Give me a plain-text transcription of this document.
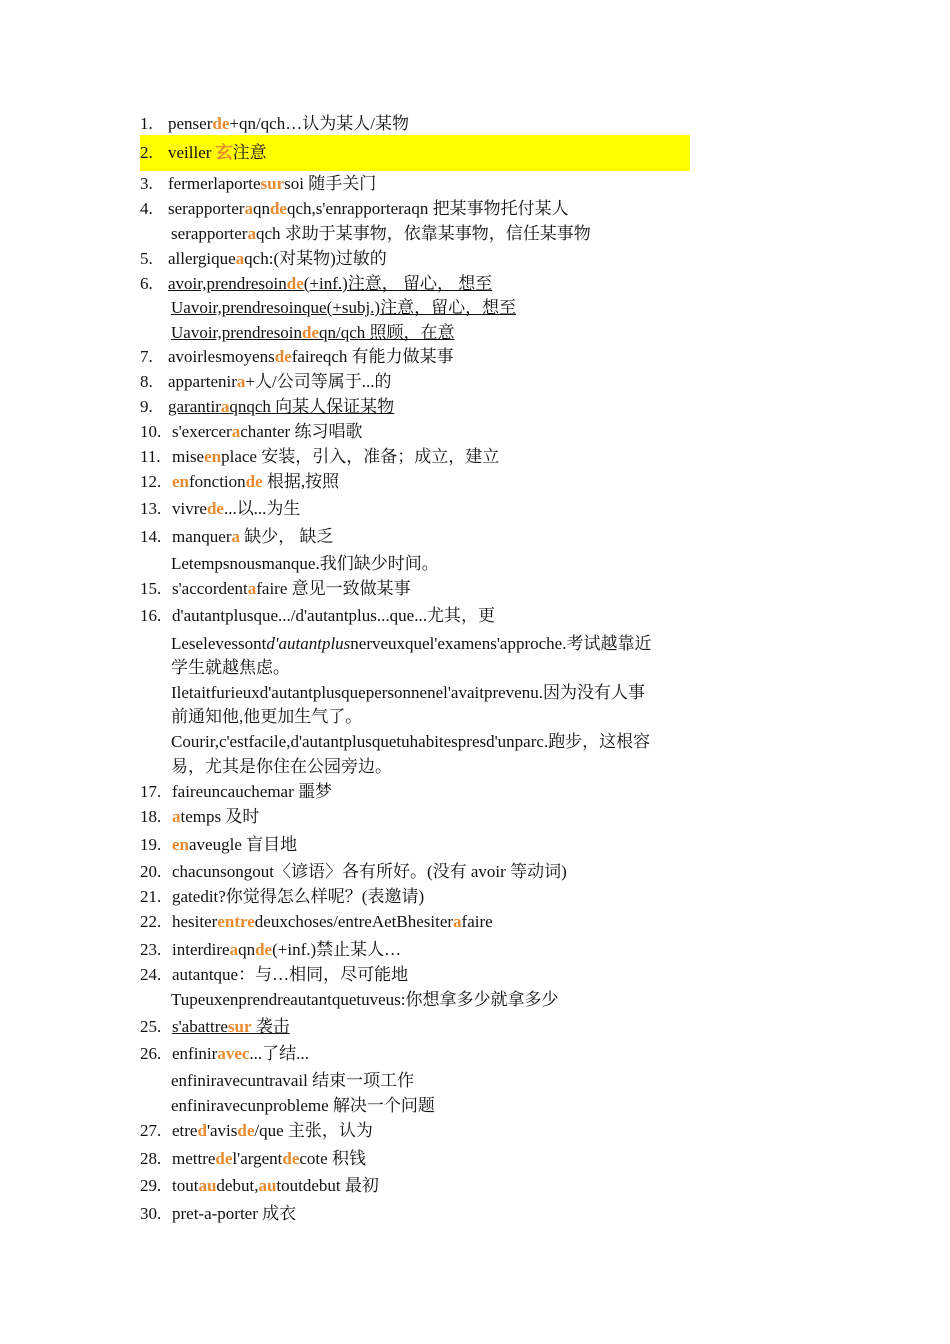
1. penserde+qn/qch…认为某人/某物
2. veiller 玄注意
3. fermerlaportesursoi 随手关门
4. serapporteraqndeqch,s'enrapporteraqn 把某事物托付某人
serapporteraqch 求助于某事物，依靠某事物，信任某事物
5. allergiqueaqch:(对某物)过敏的
6. avoir,prendresoinde(+inf.)注意， 留心， 想至
Uavoir,prendresoinque(+subj.)注意，留心，想至
Uavoir,prendresoindeqn/qch 照顾，在意
7. avoirlesmoyensdefaireqch 有能力做某事
8. appartenira+人/公司等属于...的
9. garantiraqnqch 向某人保证某物
10. s'exercerachanter 练习唱歌
11. miseenplace 安装，引入，准备；成立，建立
12. enfonctionde 根据,按照
13. vivrede...以...为生
14. manquera 缺少， 缺乏
Letempsnousmanque.我们缺少时间。
15. s'accordentafaire 意见一致做某事
16. d'autantplusque.../d'autantplus...que...尤其，更
Leselevessontd'autantplusnerveuxquel'examens'approche.考试越靠近
学生就越焦虑。
Iletaitfurieuxd'autantplusquepersonnenel'avaitprevenu.因为没有人事
前通知他,他更加生气了。
Courir,c'estfacile,d'autantplusquetuhabitespresd'unparc.跑步，这根容
易，尤其是你住在公园旁边。
17. faireuncauchemar 噩梦
18. atemps 及时
19. enaveugle 盲目地
20. chacunsongout〈谚语〉各有所好。(没有 avoir 等动词)
21. gatedit?你觉得怎么样呢？(表邀请)
22. hesiterentredeuxchoses/entreAetBhesiterafaire
23. interdireaqnde(+inf.)禁止某人…
24. autantque：与…相同，尽可能地
Tupeuxenprendreautantquetuveus:你想拿多少就拿多少
25. s'abattresur 袭击
26. enfiniravec...了结...
enfiniravecuntravail 结束一项工作
enfiniravecunprobleme 解决一个问题
27. etred'avisde/que 主张，认为
28. mettredel'argentdecote 积钱
29. toutaudebut,autoutdebut 最初
30. pret-a-porter 成衣
